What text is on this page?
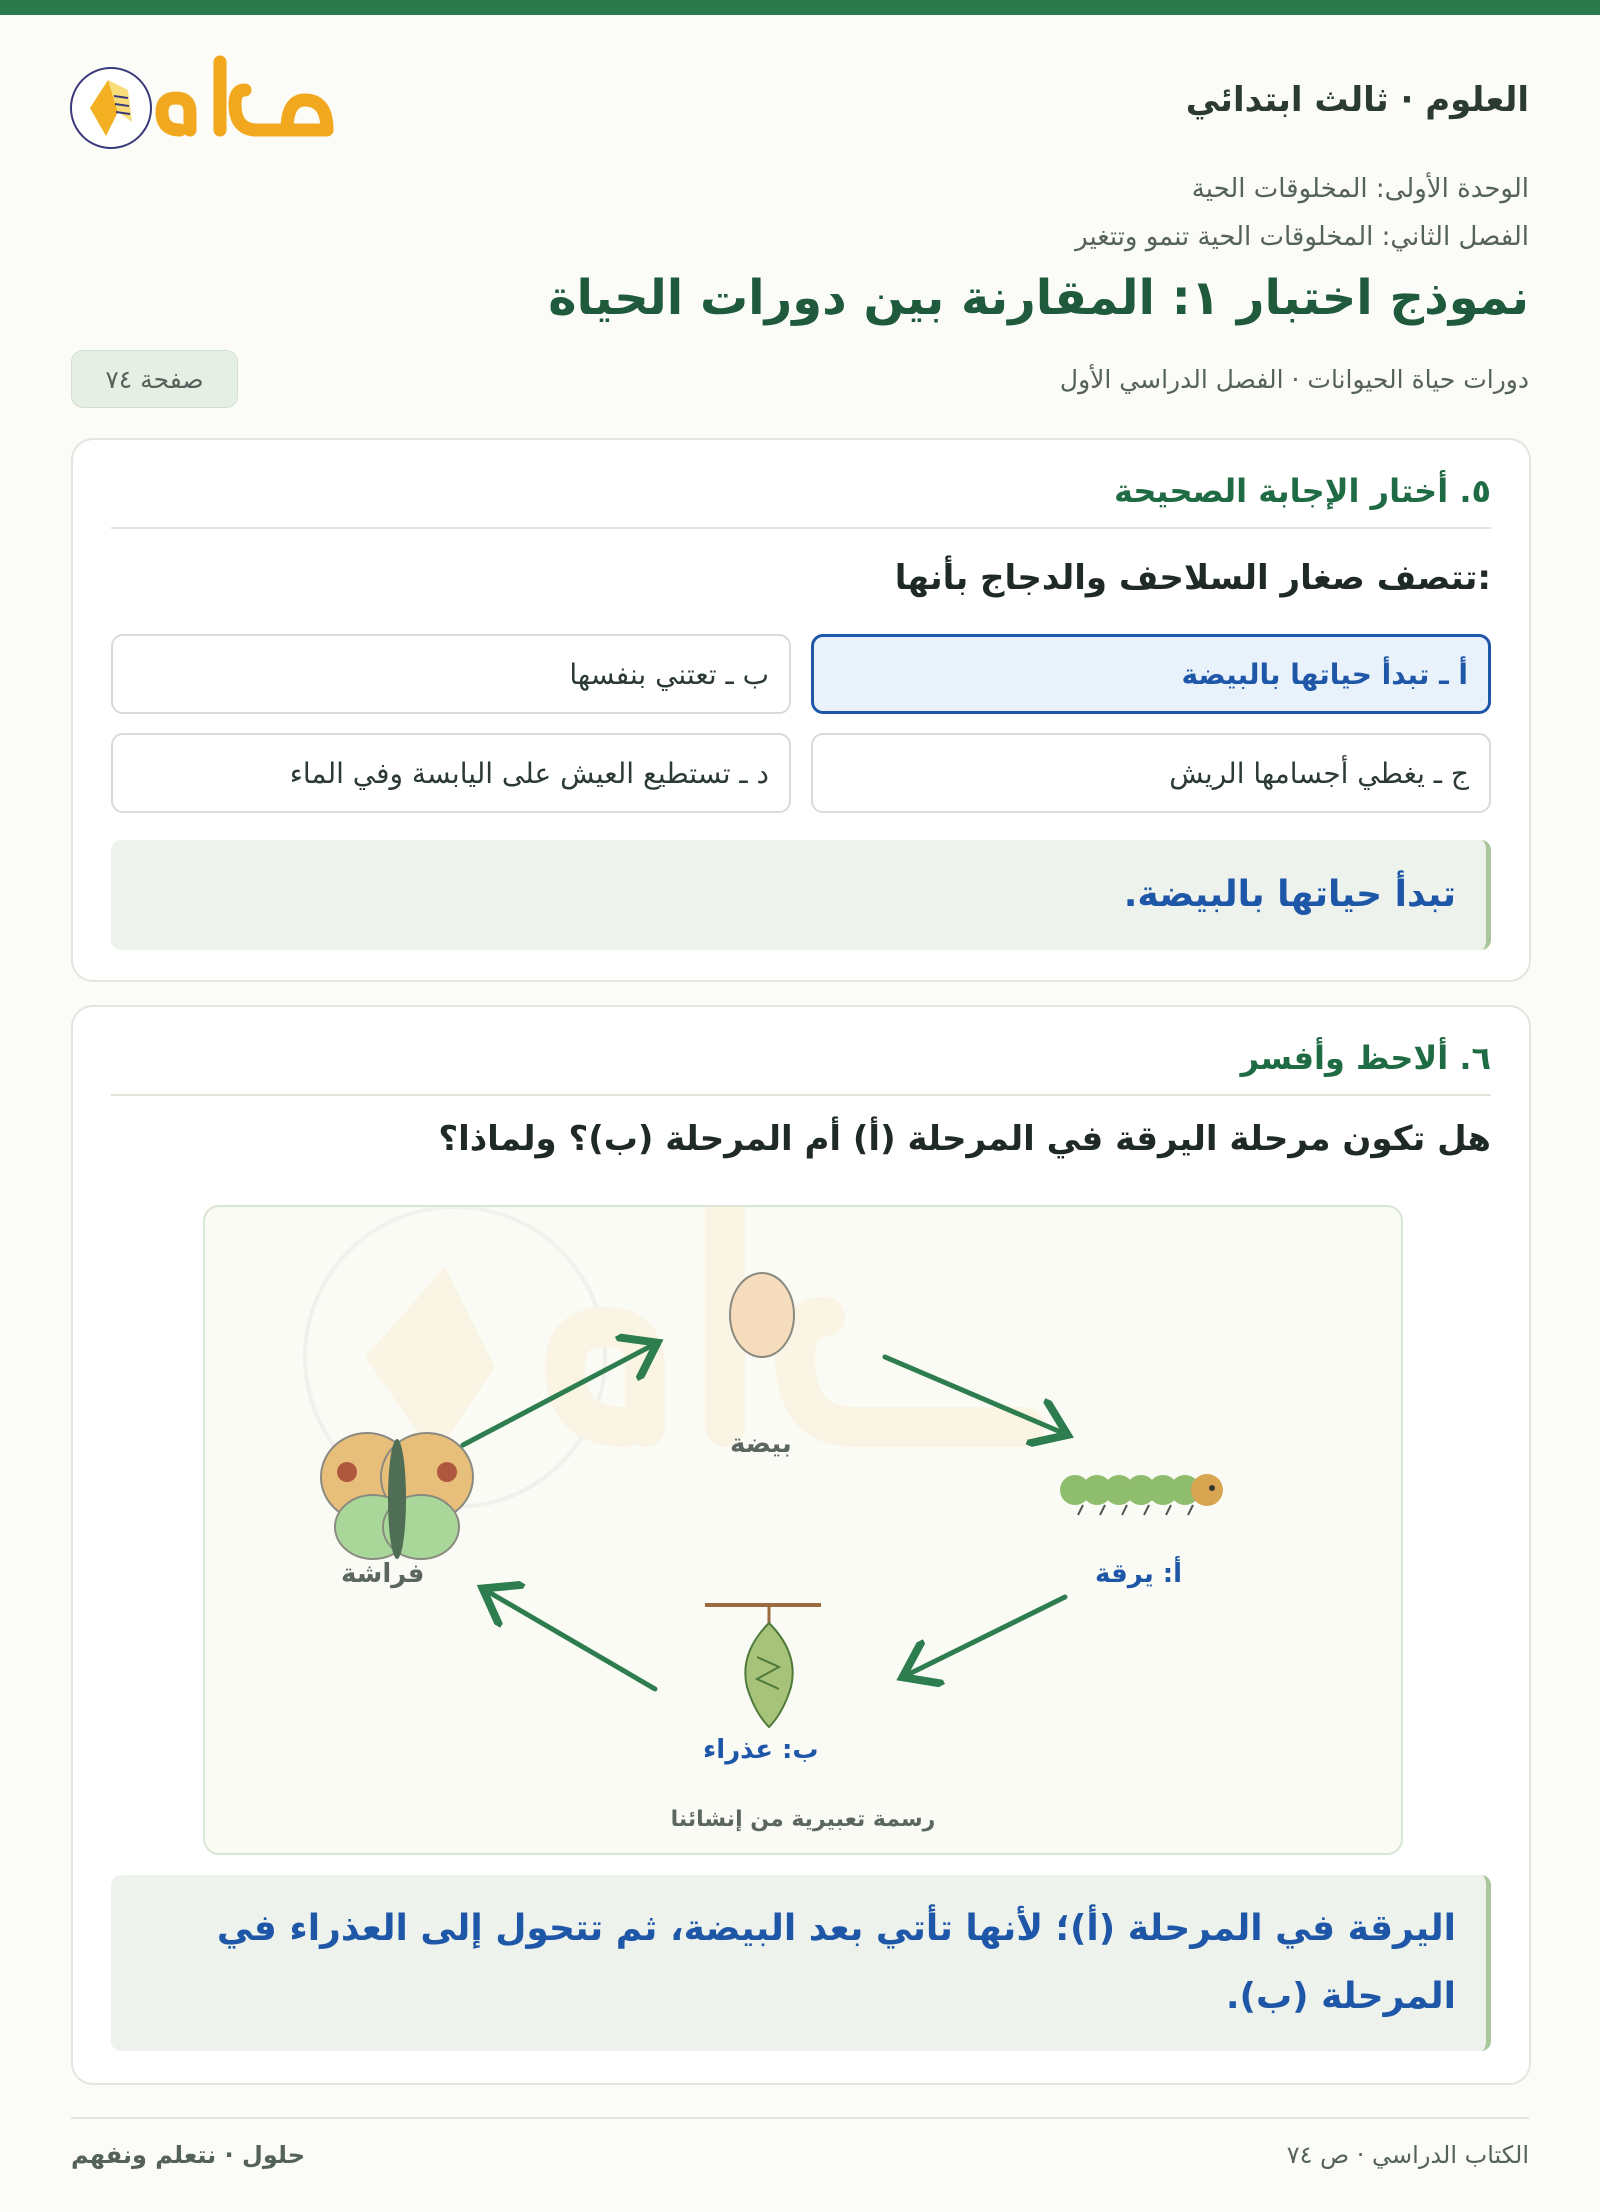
العلوم · ثالث ابتدائي
الوحدة الأولى: المخلوقات الحية
الفصل الثاني: المخلوقات الحية تنمو وتتغير
نموذج اختبار ١: المقارنة بين دورات الحياة
دورات حياة الحيوانات · الفصل الدراسي الأول
صفحة ٧٤
٥. أختار الإجابة الصحيحة
تتصف صغار السلاحف والدجاج بأنها:
أ ـ تبدأ حياتها بالبيضة
ب ـ تعتني بنفسها
ج ـ يغطي أجسامها الريش
د ـ تستطيع العيش على اليابسة وفي الماء
تبدأ حياتها بالبيضة.
٦. ألاحظ وأفسر
هل تكون مرحلة اليرقة في المرحلة (أ) أم المرحلة (ب)؟ ولماذا؟
بيضة
أ: يرقة
ب: عذراء
فراشة
رسمة تعبيرية من إنشائنا
اليرقة في المرحلة (أ)؛ لأنها تأتي بعد البيضة، ثم تتحول إلى العذراء في المرحلة (ب).
الكتاب الدراسي · ص ٧٤
حلول · نتعلم ونفهم
